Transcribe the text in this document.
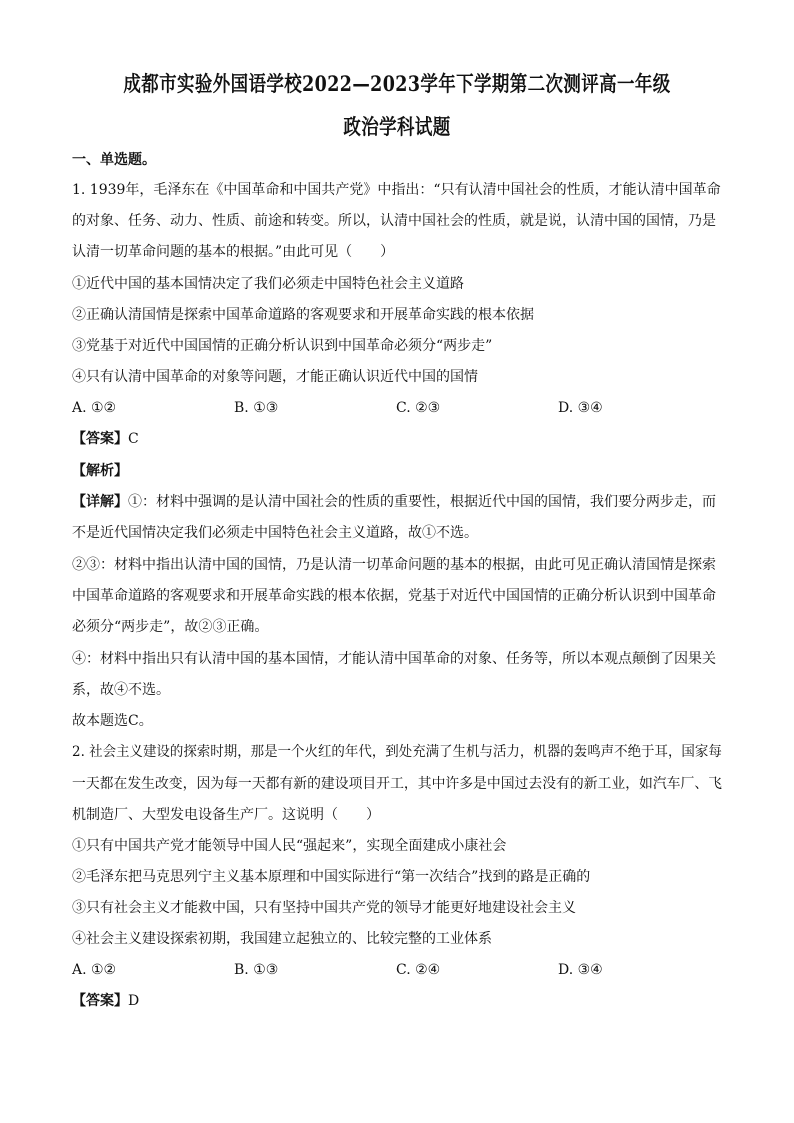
成都市实验外国语学校2022—2023学年下学期第二次测评高一年级
政治学科试题
一、单选题。
1. 1939年，毛泽东在《中国革命和中国共产党》中指出：“只有认清中国社会的性质，才能认清中国革命
的对象、任务、动力、性质、前途和转变。所以，认清中国社会的性质，就是说，认清中国的国情，乃是
认清一切革命问题的基本的根据。”由此可见（　　）
①近代中国的基本国情决定了我们必须走中国特色社会主义道路
②正确认清国情是探索中国革命道路的客观要求和开展革命实践的根本依据
③党基于对近代中国国情的正确分析认识到中国革命必须分“两步走”
④只有认清中国革命的对象等问题，才能正确认识近代中国的国情
A. ①②	B. ①③	C. ②③	D. ③④
【答案】C
【解析】
【详解】①：材料中强调的是认清中国社会的性质的重要性，根据近代中国的国情，我们要分两步走，而
不是近代国情决定我们必须走中国特色社会主义道路，故①不选。
②③：材料中指出认清中国的国情，乃是认清一切革命问题的基本的根据，由此可见正确认清国情是探索
中国革命道路的客观要求和开展革命实践的根本依据，党基于对近代中国国情的正确分析认识到中国革命
必须分“两步走”，故②③正确。
④：材料中指出只有认清中国的基本国情，才能认清中国革命的对象、任务等，所以本观点颠倒了因果关
系，故④不选。
故本题选C。
2. 社会主义建设的探索时期，那是一个火红的年代，到处充满了生机与活力，机器的轰鸣声不绝于耳，国家每
一天都在发生改变，因为每一天都有新的建设项目开工，其中许多是中国过去没有的新工业，如汽车厂、飞
机制造厂、大型发电设备生产厂。这说明（　　）
①只有中国共产党才能领导中国人民“强起来”，实现全面建成小康社会
②毛泽东把马克思列宁主义基本原理和中国实际进行“第一次结合”找到的路是正确的
③只有社会主义才能救中国，只有坚持中国共产党的领导才能更好地建设社会主义
④社会主义建设探索初期，我国建立起独立的、比较完整的工业体系
A. ①②	B. ①③	C. ②④	D. ③④
【答案】D
